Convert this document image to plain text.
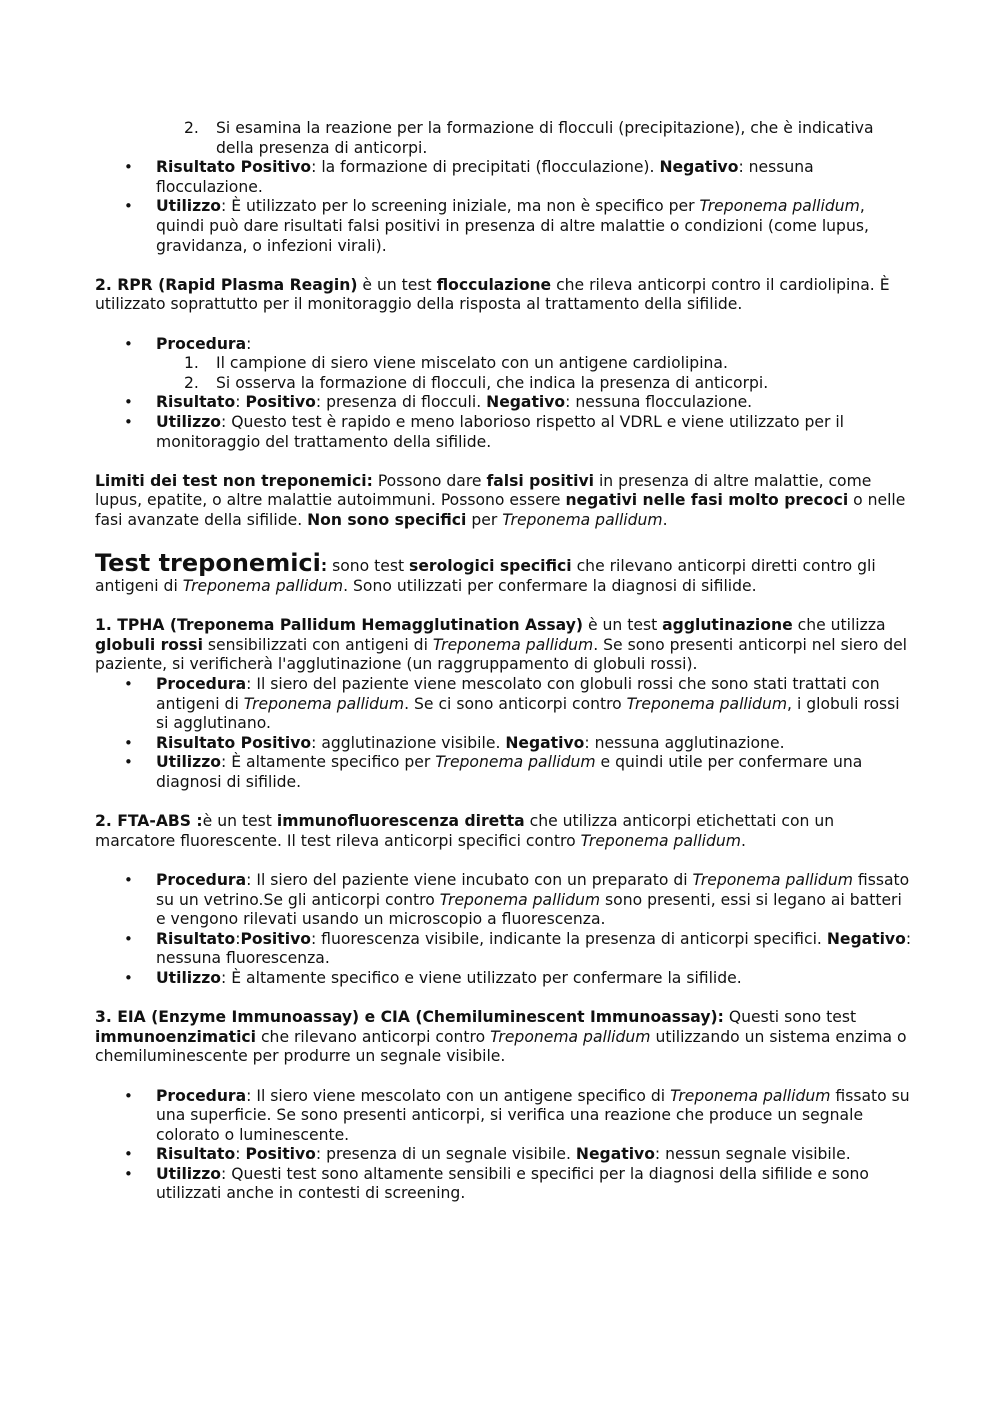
2. Si esamina la reazione per la formazione di flocculi (precipitazione), che è indicativa della presenza di anticorpi.
• Risultato Positivo: la formazione di precipitati (flocculazione). Negativo: nessuna flocculazione.
• Utilizzo: È utilizzato per lo screening iniziale, ma non è specifico per Treponema pallidum, quindi può dare risultati falsi positivi in presenza di altre malattie o condizioni (come lupus, gravidanza, o infezioni virali).

2. RPR (Rapid Plasma Reagin) è un test flocculazione che rileva anticorpi contro il cardiolipina. È utilizzato soprattutto per il monitoraggio della risposta al trattamento della sifilide.

• Procedura:
1. Il campione di siero viene miscelato con un antigene cardiolipina.
2. Si osserva la formazione di flocculi, che indica la presenza di anticorpi.
• Risultato: Positivo: presenza di flocculi. Negativo: nessuna flocculazione.
• Utilizzo: Questo test è rapido e meno laborioso rispetto al VDRL e viene utilizzato per il monitoraggio del trattamento della sifilide.

Limiti dei test non treponemici: Possono dare falsi positivi in presenza di altre malattie, come lupus, epatite, o altre malattie autoimmuni. Possono essere negativi nelle fasi molto precoci o nelle fasi avanzate della sifilide. Non sono specifici per Treponema pallidum.

Test treponemici: sono test serologici specifici che rilevano anticorpi diretti contro gli antigeni di Treponema pallidum. Sono utilizzati per confermare la diagnosi di sifilide.

1. TPHA (Treponema Pallidum Hemagglutination Assay) è un test agglutinazione che utilizza globuli rossi sensibilizzati con antigeni di Treponema pallidum. Se sono presenti anticorpi nel siero del paziente, si verificherà l'agglutinazione (un raggruppamento di globuli rossi).

• Procedura: Il siero del paziente viene mescolato con globuli rossi che sono stati trattati con antigeni di Treponema pallidum. Se ci sono anticorpi contro Treponema pallidum, i globuli rossi si agglutinano.
• Risultato Positivo: agglutinazione visibile. Negativo: nessuna agglutinazione.
• Utilizzo: È altamente specifico per Treponema pallidum e quindi utile per confermare una diagnosi di sifilide.

2. FTA-ABS :è un test immunofluorescenza diretta che utilizza anticorpi etichettati con un marcatore fluorescente. Il test rileva anticorpi specifici contro Treponema pallidum.

• Procedura: Il siero del paziente viene incubato con un preparato di Treponema pallidum fissato su un vetrino.Se gli anticorpi contro Treponema pallidum sono presenti, essi si legano ai batteri e vengono rilevati usando un microscopio a fluorescenza.
• Risultato:Positivo: fluorescenza visibile, indicante la presenza di anticorpi specifici. Negativo: nessuna fluorescenza.
• Utilizzo: È altamente specifico e viene utilizzato per confermare la sifilide.

3. EIA (Enzyme Immunoassay) e CIA (Chemiluminescent Immunoassay): Questi sono test immunoenzimatici che rilevano anticorpi contro Treponema pallidum utilizzando un sistema enzima o chemiluminescente per produrre un segnale visibile.

• Procedura: Il siero viene mescolato con un antigene specifico di Treponema pallidum fissato su una superficie. Se sono presenti anticorpi, si verifica una reazione che produce un segnale colorato o luminescente.
• Risultato: Positivo: presenza di un segnale visibile. Negativo: nessun segnale visibile.
• Utilizzo: Questi test sono altamente sensibili e specifici per la diagnosi della sifilide e sono utilizzati anche in contesti di screening.
